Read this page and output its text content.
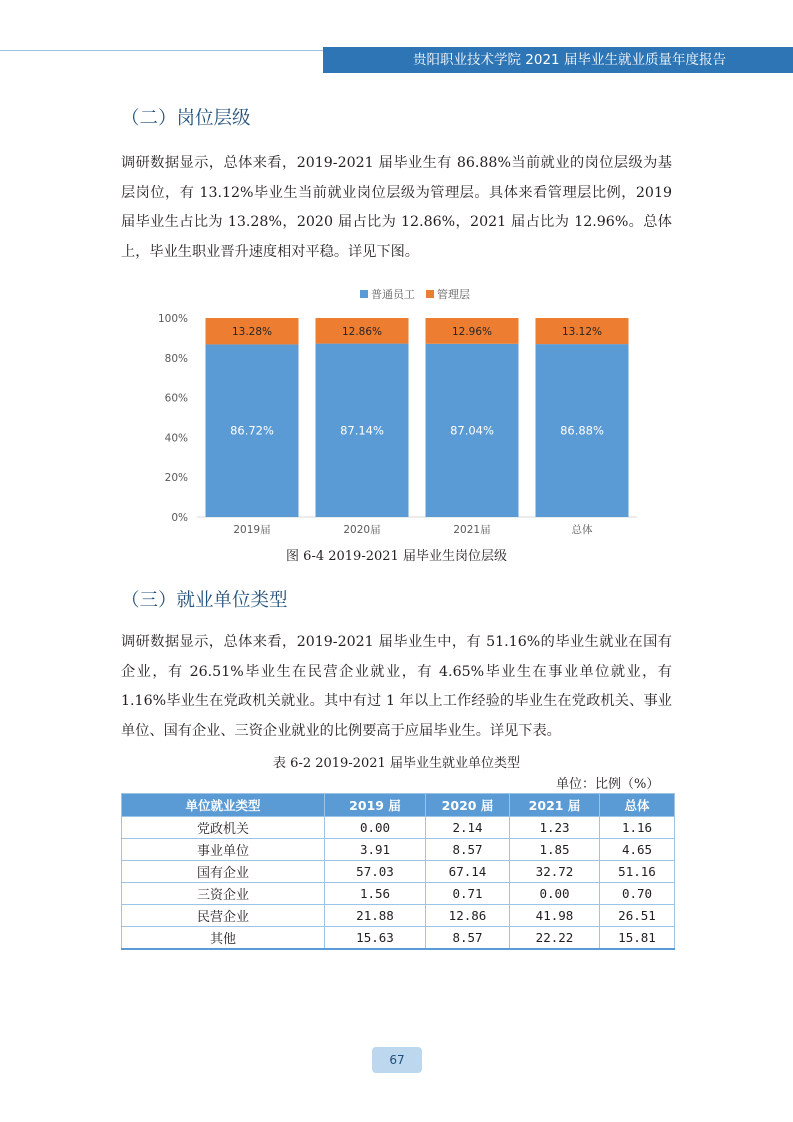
贵阳职业技术学院 2021 届毕业生就业质量年度报告
（二）岗位层级

调研数据显示，总体来看，2019-2021 届毕业生有 86.88%当前就业的岗位层级为基层岗位，有 13.12%毕业生当前就业岗位层级为管理层。具体来看管理层比例，2019 届毕业生占比为 13.28%，2020 届占比为 12.86%，2021 届占比为 12.96%。总体上，毕业生职业晋升速度相对平稳。详见下图。

0%
20%
40%
60%
80%
100%
86.72%
13.28%
2019届
87.14%
12.86%
2020届
87.04%
12.96%
2021届
86.88%
13.12%
总体
普通员工 管理层
图 6-4 2019-2021 届毕业生岗位层级
（三）就业单位类型

调研数据显示，总体来看，2019-2021 届毕业生中，有 51.16%的毕业生就业在国有企业，有 26.51%毕业生在民营企业就业，有 4.65%毕业生在事业单位就业，有 1.16%毕业生在党政机关就业。其中有过 1 年以上工作经验的毕业生在党政机关、事业单位、国有企业、三资企业就业的比例要高于应届毕业生。详见下表。

表 6-2 2019-2021 届毕业生就业单位类型
单位：比例（%）
单位就业类型	2019 届	2020 届	2021 届	总体
党政机关	0.00	2.14	1.23	1.16
事业单位	3.91	8.57	1.85	4.65
国有企业	57.03	67.14	32.72	51.16
三资企业	1.56	0.71	0.00	0.70
民营企业	21.88	12.86	41.98	26.51
其他	15.63	8.57	22.22	15.81
67
